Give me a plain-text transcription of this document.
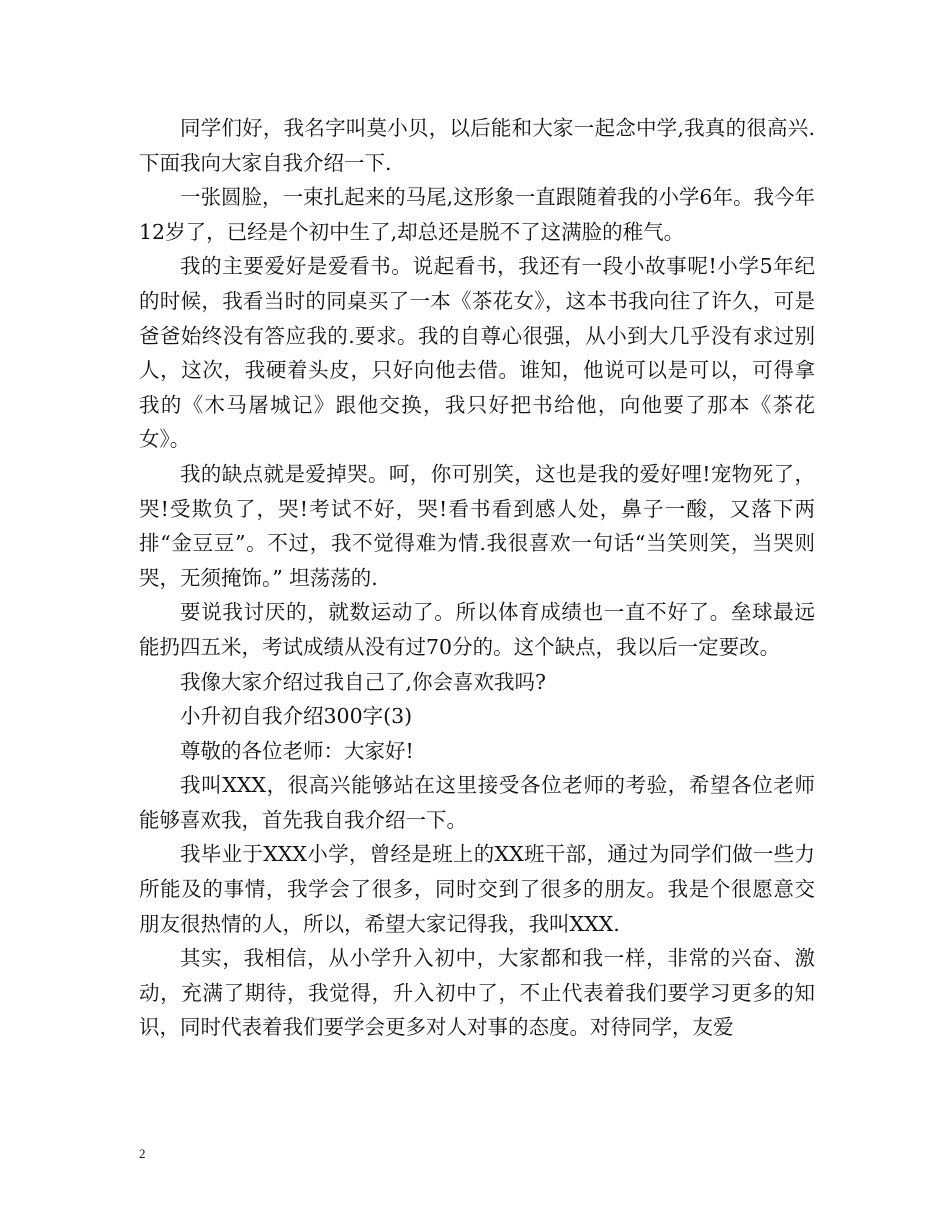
同学们好，我名字叫莫小贝，以后能和大家一起念中学,我真的很高兴.下面我向大家自我介绍一下.

一张圆脸，一束扎起来的马尾,这形象一直跟随着我的小学6年。我今年12岁了，已经是个初中生了,却总还是脱不了这满脸的稚气。

我的主要爱好是爱看书。说起看书，我还有一段小故事呢!小学5年纪的时候，我看当时的同桌买了一本《茶花女》，这本书我向往了许久，可是爸爸始终没有答应我的.要求。我的自尊心很强，从小到大几乎没有求过别人，这次，我硬着头皮，只好向他去借。谁知，他说可以是可以，可得拿我的《木马屠城记》跟他交换，我只好把书给他，向他要了那本《茶花女》。

我的缺点就是爱掉哭。呵，你可别笑，这也是我的爱好哩!宠物死了，哭!受欺负了，哭!考试不好，哭!看书看到感人处，鼻子一酸，又落下两排“金豆豆”。不过，我不觉得难为情.我很喜欢一句话“当笑则笑，当哭则哭，无须掩饰。” 坦荡荡的.

要说我讨厌的，就数运动了。所以体育成绩也一直不好了。垒球最远能扔四五米，考试成绩从没有过70分的。这个缺点，我以后一定要改。

我像大家介绍过我自己了,你会喜欢我吗?

小升初自我介绍300字(3)

尊敬的各位老师：大家好!

我叫XXX，很高兴能够站在这里接受各位老师的考验，希望各位老师能够喜欢我，首先我自我介绍一下。

我毕业于XXX小学，曾经是班上的XX班干部，通过为同学们做一些力所能及的事情，我学会了很多，同时交到了很多的朋友。我是个很愿意交朋友很热情的人，所以，希望大家记得我，我叫XXX.

其实，我相信，从小学升入初中，大家都和我一样，非常的兴奋、激动，充满了期待，我觉得，升入初中了，不止代表着我们要学习更多的知识，同时代表着我们要学会更多对人对事的态度。对待同学，友爱

2
